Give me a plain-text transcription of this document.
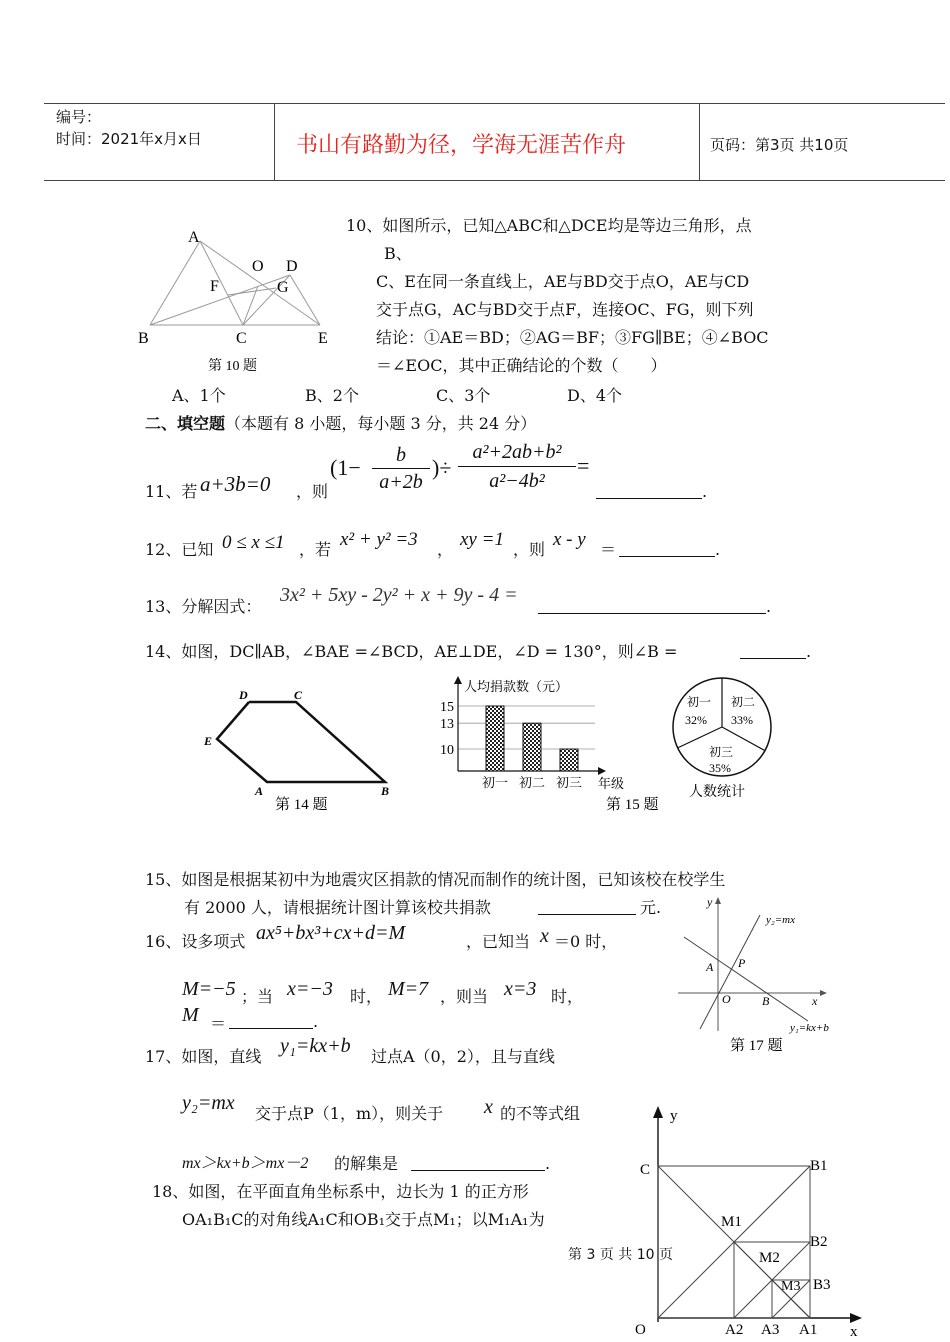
编号：
时间：2021年x月x日	书山有路勤为径，学海无涯苦作舟	页码：第3页 共10页
A
O D
F	G
B	C	E
第 10 题
10、如图所示，已知△ABC和△DCE均是等边三角形，点
B、
C、E在同一条直线上，AE与BD交于点O，AE与CD
交于点G，AC与BD交于点F，连接OC、FG，则下列
结论：①AE＝BD；②AG＝BF；③FG∥BE；④∠BOC
＝∠EOC，其中正确结论的个数（　　）
A、1个	B、2个	C、3个	D、4个
二、填空题（本题有 8 小题，每小题 3 分，共 24 分）
11、若 a+3b=0 ，则
($1- \frac{b}{a+2b}$ )÷ $\frac{\text{a²+2ab+b²}}{\text{a²−4b²}}$ =
.
12、已知 0 ≤ x ≤1 ，若 x² + y² =3 ， xy =1 ，则 x - y ＝	.
13、分解因式：
3x² + 5xy - 2y² + x + 9y - 4 =
.
14、如图，DC∥AB，∠BAE =∠BCD，AE⊥DE，∠D = 130°，则∠B =	.
D	C
E
A	B
第 14 题
人均捐款数（元）
15
13
10
初一 初二 初三 年级
第 15 题
初一
32%
初二
33%
初三
35%
人数统计
15、如图是根据某初中为地震灾区捐款的情况而制作的统计图，已知该校在校学生
有 2000 人，请根据统计图计算该校共捐款	元.
16、设多项式 ax⁵+bx³+cx+d=M	，已知当 x ＝0 时，
M=−5 ；当 x=−3 时， M=7 ，则当 x=3 时，
M ＝	.
y
y₂=mx
A P
O	B	x
y₁=kx+b
第 17 题
17、如图，直线 y₁=kx+b 过点A（0，2），且与直线
y₂=mx 交于点P（1，m），则关于 x 的不等式组
mx＞kx+b＞mx－2 的解集是	.
18、如图，在平面直角坐标系中，边长为 1 的正方形
OA₁B₁C的对角线A₁C和OB₁交于点M₁；以M₁A₁为
第 3 页 共 10 页
y
C	B1
M1
B2
M2
M3 B3
O	A2 A3 A1 x
